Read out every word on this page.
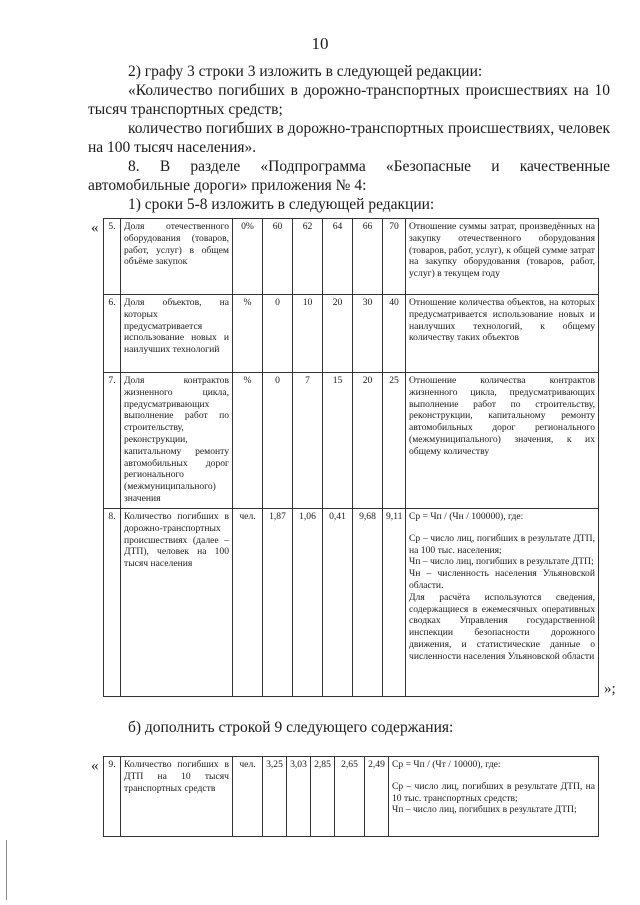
10

2) графу 3 строки 3 изложить в следующей редакции:

«Количество погибших в дорожно-транспортных происшествиях на 10 тысяч транспортных средств;

количество погибших в дорожно-транспортных происшествиях, человек на 100 тысяч населения».

8. В разделе «Подпрограмма «Безопасные и качественные автомобильные дороги» приложения № 4:

1) сроки 5-8 изложить в следующей редакции:

« 5.	Доля отечественного оборудования (товаров, работ, услуг) в общем объёме закупок	0%	60	62	64	66	70	Отношение суммы затрат, произведённых на закупку отечественного оборудования (товаров, работ, услуг), к общей сумме затрат на закупку оборудования (товаров, работ, услуг) в текущем году

6.	Доля объектов, на которых предусматривается использование новых и наилучших технологий	%	0	10	20	30	40	Отношение количества объектов, на которых предусматривается использование новых и наилучших технологий, к общему количеству таких объектов

7.	Доля контрактов жизненного цикла, предусматривающих выполнение работ по строительству, реконструкции, капитальному ремонту автомобильных дорог регионального (межмуниципального) значения	%	0	7	15	20	25	Отношение количества контрактов жизненного цикла, предусматривающих выполнение работ по строительству, реконструкции, капитальному ремонту автомобильных дорог регионального (межмуниципального) значения, к их общему количеству

8.	Количество погибших в дорожно-транспортных происшествиях (далее – ДТП), человек на 100 тысяч населения	чел.	1,87	1,06	0,41	9,68	9,11	Ср = Чп / (Чн / 100000), где:
Ср – число лиц, погибших в результате ДТП, на 100 тыс. населения;
Чп – число лиц, погибших в результате ДТП;
Чн – численность населения Ульяновской области.
Для расчёта используются сведения, содержащиеся в ежемесячных оперативных сводках Управления государственной инспекции безопасности дорожного движения, и статистические данные о численности населения Ульяновской области
»;

б) дополнить строкой 9 следующего содержания:

« 9.	Количество погибших в ДТП на 10 тысяч транспортных средств	чел.	3,25	3,03	2,85	2,65	2,49	Ср = Чп / (Чт / 10000), где:
Ср – число лиц, погибших в результате ДТП, на 10 тыс. транспортных средств;
Чп – число лиц, погибших в результате ДТП;
